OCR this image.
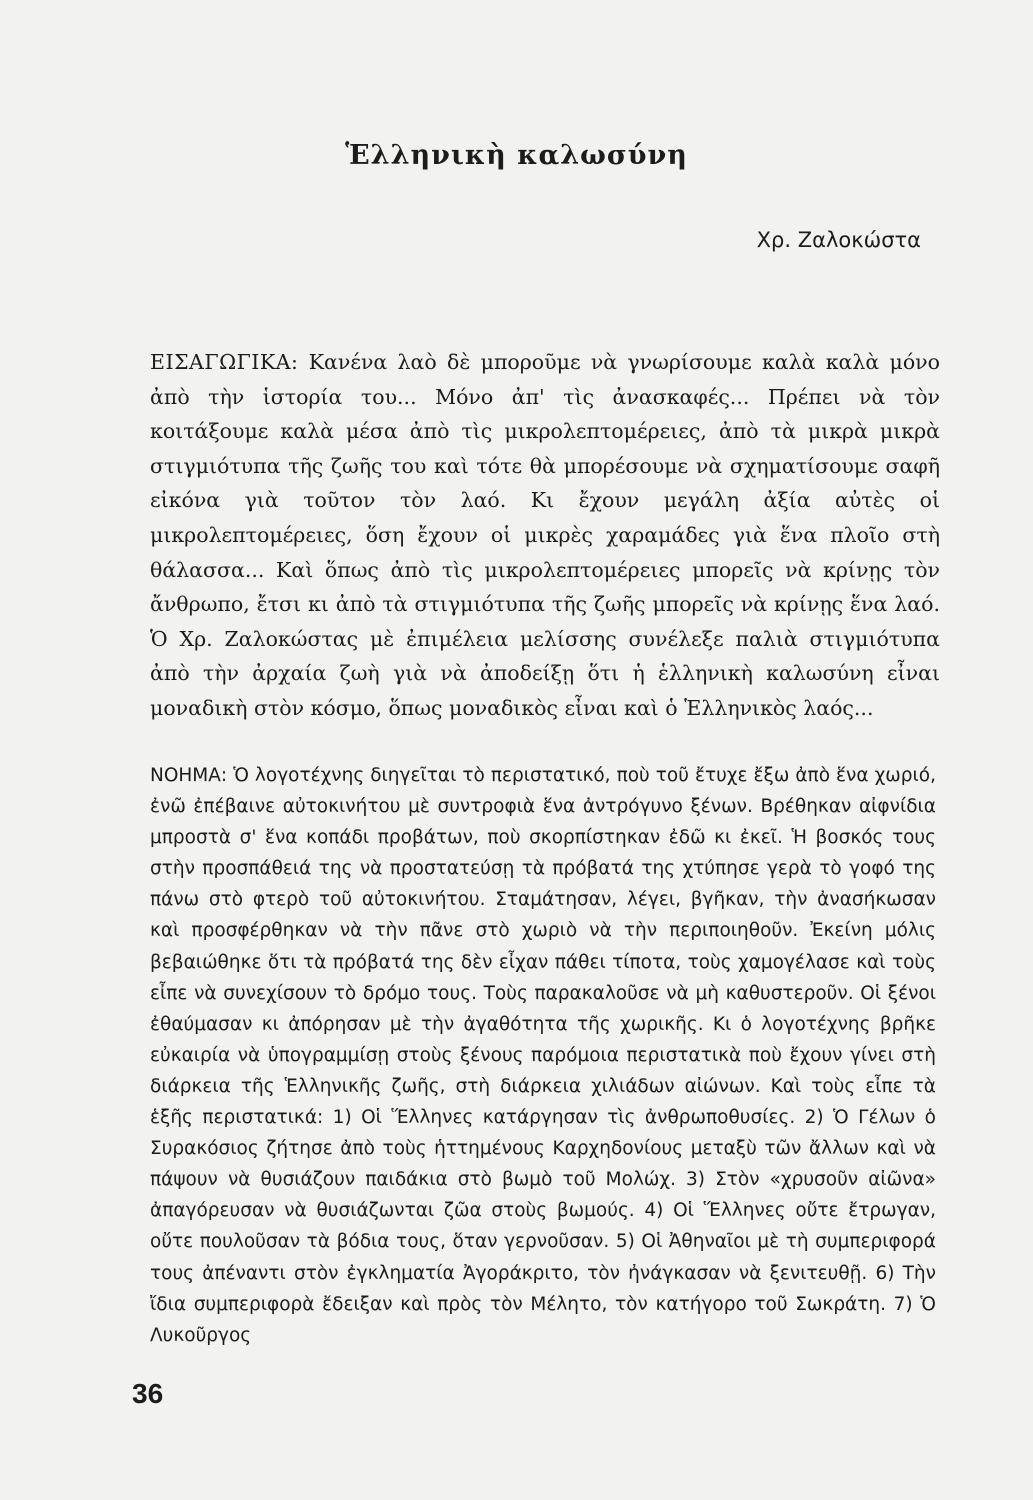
Ἑλληνικὴ καλωσύνη
Χρ. Ζαλοκώστα

ΕΙΣΑΓΩΓΙΚΑ: Κανένα λαὸ δὲ μποροῦμε νὰ γνωρίσουμε καλὰ καλὰ μόνο ἀπὸ τὴν ἱστορία του... Μόνο ἀπ' τὶς ἀνασκαφές... Πρέπει νὰ τὸν κοιτάξουμε καλὰ μέσα ἀπὸ τὶς μικρολεπτομέρειες, ἀπὸ τὰ μικρὰ μικρὰ στιγμιότυπα τῆς ζωῆς του καὶ τότε θὰ μπορέσουμε νὰ σχηματίσουμε σαφῆ εἰκόνα γιὰ τοῦτον τὸν λαό. Κι ἔχουν μεγάλη ἀξία αὐτὲς οἱ μικρολεπτομέρειες, ὅση ἔχουν οἱ μικρὲς χαραμάδες γιὰ ἕνα πλοῖο στὴ θάλασσα... Καὶ ὅπως ἀπὸ τὶς μικρολεπτομέρειες μπορεῖς νὰ κρίνῃς τὸν ἄνθρωπο, ἔτσι κι ἀπὸ τὰ στιγμιότυπα τῆς ζωῆς μπορεῖς νὰ κρίνῃς ἕνα λαό. Ὁ Χρ. Ζαλοκώστας μὲ ἐπιμέλεια μελίσσης συνέλεξε παλιὰ στιγμιότυπα ἀπὸ τὴν ἀρχαία ζωὴ γιὰ νὰ ἀποδείξῃ ὅτι ἡ ἑλληνικὴ καλωσύνη εἶναι μοναδικὴ στὸν κόσμο, ὅπως μοναδικὸς εἶναι καὶ ὁ Ἑλληνικὸς λαός...

ΝΟΗΜΑ: Ὁ λογοτέχνης διηγεῖται τὸ περιστατικό, ποὺ τοῦ ἔτυχε ἔξω ἀπὸ ἕνα χωριό, ἐνῶ ἐπέβαινε αὐτοκινήτου μὲ συντροφιὰ ἕνα ἀντρόγυνο ξένων. Βρέθηκαν αἰφνίδια μπροστὰ σ' ἕνα κοπάδι προβάτων, ποὺ σκορπίστηκαν ἐδῶ κι ἐκεῖ. Ἡ βοσκός τους στὴν προσπάθειά της νὰ προστατεύσῃ τὰ πρόβατά της χτύπησε γερὰ τὸ γοφό της πάνω στὸ φτερὸ τοῦ αὐτοκινήτου. Σταμάτησαν, λέγει, βγῆκαν, τὴν ἀνασήκωσαν καὶ προσφέρθηκαν νὰ τὴν πᾶνε στὸ χωριὸ νὰ τὴν περιποιηθοῦν. Ἐκείνη μόλις βεβαιώθηκε ὅτι τὰ πρόβατά της δὲν εἶχαν πάθει τίποτα, τοὺς χαμογέλασε καὶ τοὺς εἶπε νὰ συνεχίσουν τὸ δρόμο τους. Τοὺς παρακαλοῦσε νὰ μὴ καθυστεροῦν. Οἱ ξένοι ἐθαύμασαν κι ἀπόρησαν μὲ τὴν ἀγαθότητα τῆς χωρικῆς. Κι ὁ λογοτέχνης βρῆκε εὐκαιρία νὰ ὑπογραμμίσῃ στοὺς ξένους παρόμοια περιστατικὰ ποὺ ἔχουν γίνει στὴ διάρκεια τῆς Ἑλληνικῆς ζωῆς, στὴ διάρκεια χιλιάδων αἰώνων. Καὶ τοὺς εἶπε τὰ ἑξῆς περιστατικά: 1) Οἱ Ἕλληνες κατάργησαν τὶς ἀνθρωποθυσίες. 2) Ὁ Γέλων ὁ Συρακόσιος ζήτησε ἀπὸ τοὺς ἡττημένους Καρχηδονίους μεταξὺ τῶν ἄλλων καὶ νὰ πάψουν νὰ θυσιάζουν παιδάκια στὸ βωμὸ τοῦ Μολώχ. 3) Στὸν «χρυσοῦν αἰῶνα» ἀπαγόρευσαν νὰ θυσιάζωνται ζῶα στοὺς βωμούς. 4) Οἱ Ἕλληνες οὔτε ἔτρωγαν, οὔτε πουλοῦσαν τὰ βόδια τους, ὅταν γερνοῦσαν. 5) Οἱ Ἀθηναῖοι μὲ τὴ συμπεριφορά τους ἀπέναντι στὸν ἐγκληματία Ἀγοράκριτο, τὸν ἠνάγκασαν νὰ ξενιτευθῇ. 6) Τὴν ἴδια συμπεριφορὰ ἔδειξαν καὶ πρὸς τὸν Μέλητο, τὸν κατήγορο τοῦ Σωκράτη. 7) Ὁ Λυκοῦργος

36
